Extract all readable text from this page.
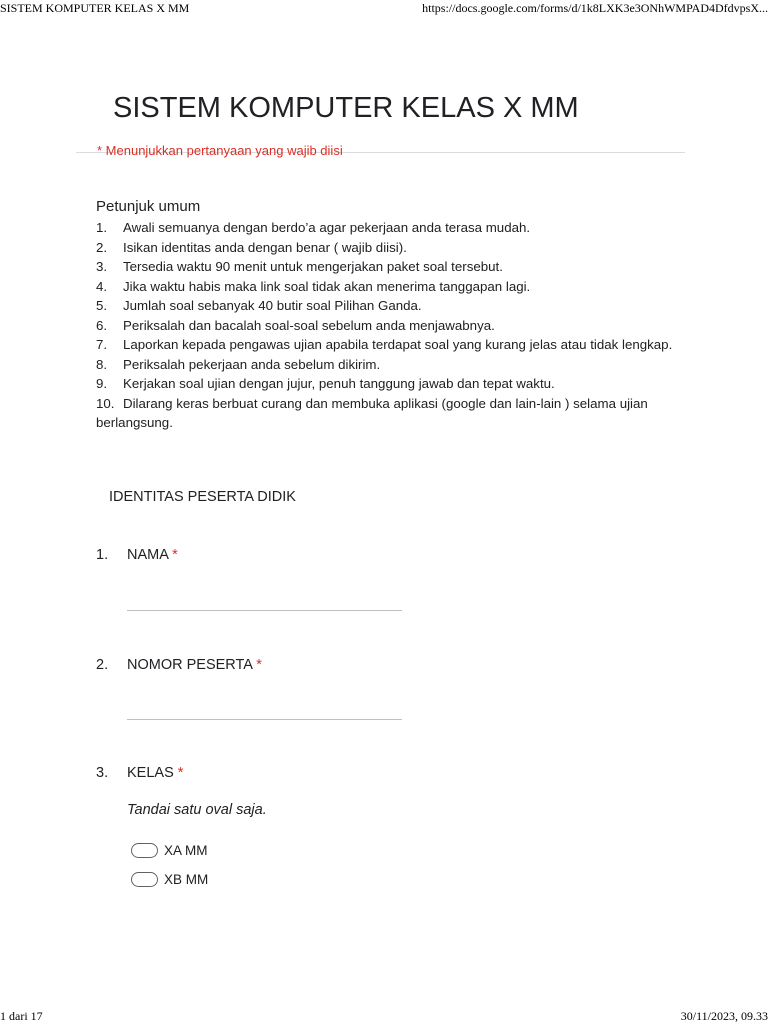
SISTEM KOMPUTER KELAS X MM	https://docs.google.com/forms/d/1k8LXK3e3ONhWMPAD4DfdvpsX...
SISTEM KOMPUTER KELAS X MM
* Menunjukkan pertanyaan yang wajib diisi
Petunjuk umum
1. Awali semuanya dengan berdo’a agar pekerjaan anda terasa mudah.
2. Isikan identitas anda dengan benar ( wajib diisi).
3. Tersedia waktu 90 menit untuk mengerjakan paket soal tersebut.
4. Jika waktu habis maka link soal tidak akan menerima tanggapan lagi.
5. Jumlah soal sebanyak 40 butir soal Pilihan Ganda.
6. Periksalah dan bacalah soal-soal sebelum anda menjawabnya.
7. Laporkan kepada pengawas ujian apabila terdapat soal yang kurang jelas atau tidak lengkap.
8. Periksalah pekerjaan anda sebelum dikirim.
9. Kerjakan soal ujian dengan jujur, penuh tanggung jawab dan tepat waktu.
10. Dilarang keras berbuat curang dan membuka aplikasi (google dan lain-lain ) selama ujian berlangsung.
IDENTITAS PESERTA DIDIK
1. NAMA *
2. NOMOR PESERTA *
3. KELAS *
Tandai satu oval saja.
XA MM
XB MM
1 dari 17	30/11/2023, 09.33
